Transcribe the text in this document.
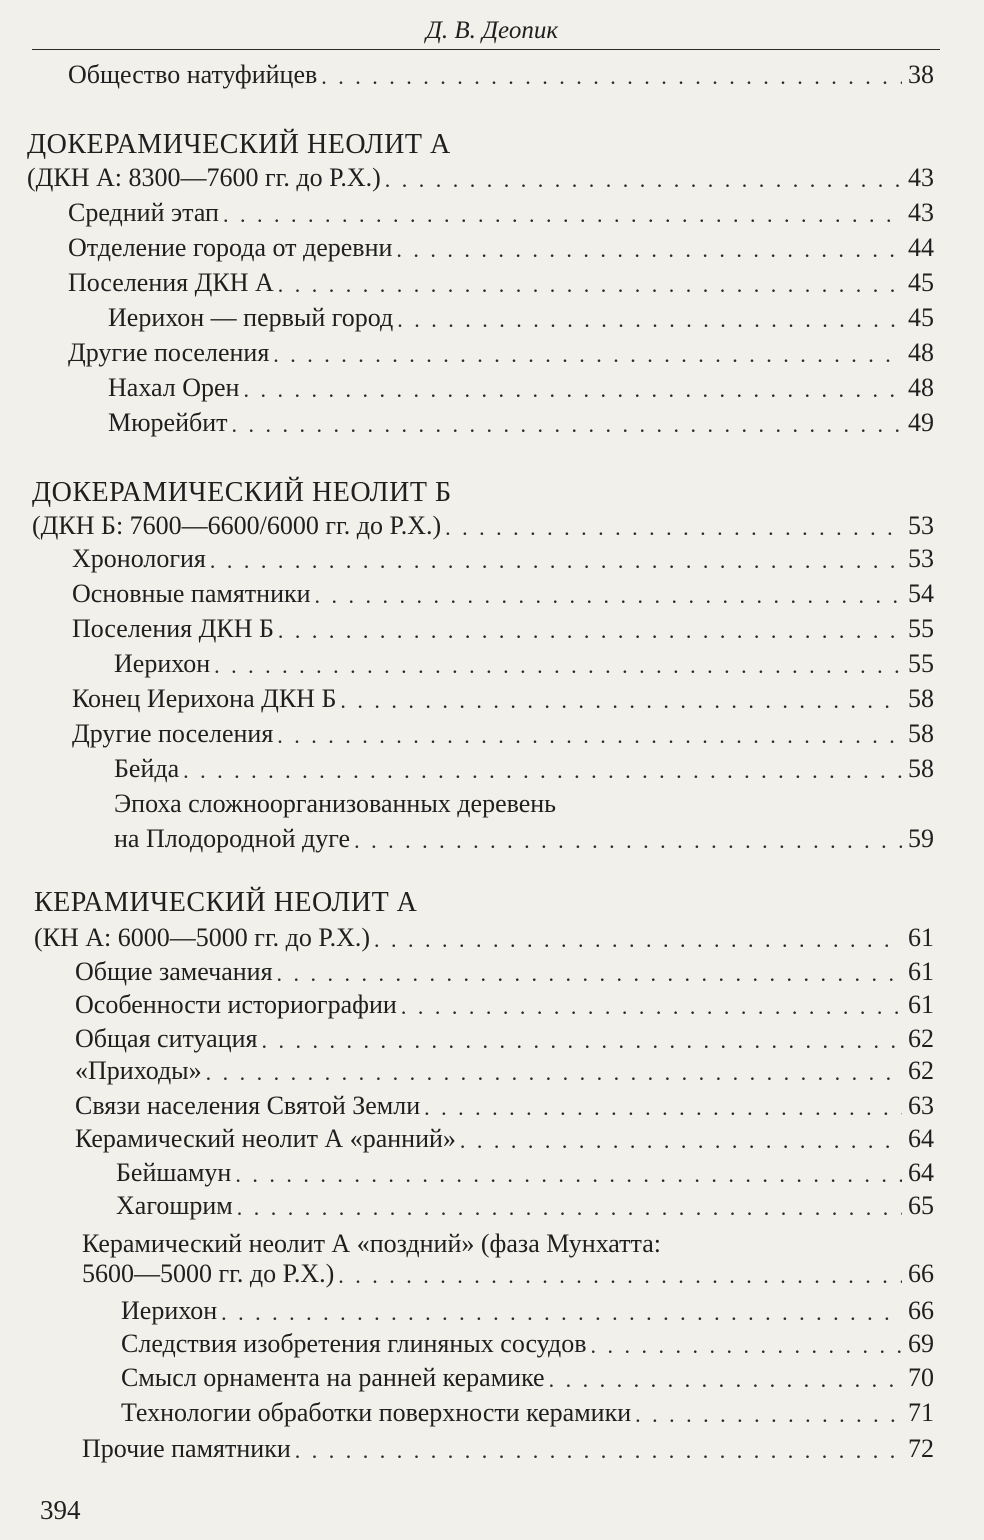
Д. В. Деопик
Общество натуфийцев . . .	38
ДОКЕРАМИЧЕСКИЙ НЕОЛИТ А
(ДКН А: 8300—7600 гг. до Р.Х.) . . .	43
Средний этап . . .	43
Отделение города от деревни . . .	44
Поселения ДКН А . . .	45
Иерихон — первый город . . .	45
Другие поселения . . .	48
Нахал Орен . . .	48
Мюрейбит . . .	49
ДОКЕРАМИЧЕСКИЙ НЕОЛИТ Б
(ДКН Б: 7600—6600/6000 гг. до Р.Х.) . . .	53
Хронология . . .	53
Основные памятники . . .	54
Поселения ДКН Б . . .	55
Иерихон . . .	55
Конец Иерихона ДКН Б . . .	58
Другие поселения . . .	58
Бейда . . .	58
Эпоха сложноорганизованных деревень
на Плодородной дуге . . .	59
КЕРАМИЧЕСКИЙ НЕОЛИТ А
(КН А: 6000—5000 гг. до Р.Х.) . . .	61
Общие замечания . . .	61
Особенности историографии . . .	61
Общая ситуация . . .	62
«Приходы» . . .	62
Связи населения Святой Земли . . .	63
Керамический неолит А «ранний» . . .	64
Бейшамун . . .	64
Хагошрим . . .	65
Керамический неолит А «поздний» (фаза Мунхатта:
5600—5000 гг. до Р.Х.) . . .	66
Иерихон . . .	66
Следствия изобретения глиняных сосудов . . .	69
Смысл орнамента на ранней керамике . . .	70
Технологии обработки поверхности керамики . . .	71
Прочие памятники . . .	72
394
